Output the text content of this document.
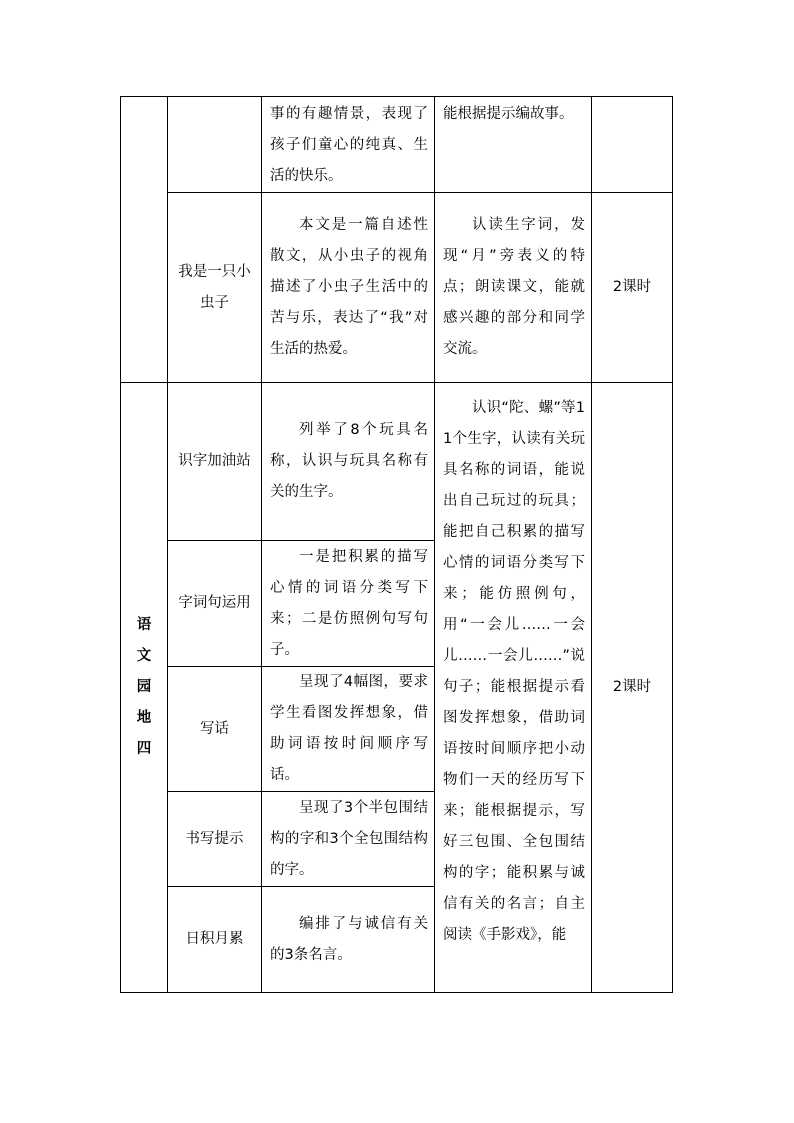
		事的有趣情景，表现了孩子们童心的纯真、生活的快乐。	能根据提示编故事。	

	我是一只小虫子	本文是一篇自述性散文，从小虫子的视角描述了小虫子生活中的苦与乐，表达了“我”对生活的热爱。	认读生字词，发现“月”旁表义的特点；朗读课文，能就感兴趣的部分和同学交流。	2课时
语文园地四	识字加油站	列举了8个玩具名称，认识与玩具名称有关的生字。	认识“陀、螺”等11个生字，认读有关玩具名称的词语，能说出自己玩过的玩具；能把自己积累的描写心情的词语分类写下来；能仿照例句，用“一会儿……一会儿……一会儿……”说句子；能根据提示看图发挥想象，借助词语按时间顺序把小动物们一天的经历写下来；能根据提示，写好三包围、全包围结构的字；能积累与诚信有关的名言；自主阅读《手影戏》，能	2课时
	字词句运用	一是把积累的描写心情的词语分类写下来；二是仿照例句写句子。		

	写话	呈现了4幅图，要求学生看图发挥想象，借助词语按时间顺序写话。		

	书写提示	呈现了3个半包围结构的字和3个全包围结构的字。		

	日积月累	编排了与诚信有关的3条名言。		
